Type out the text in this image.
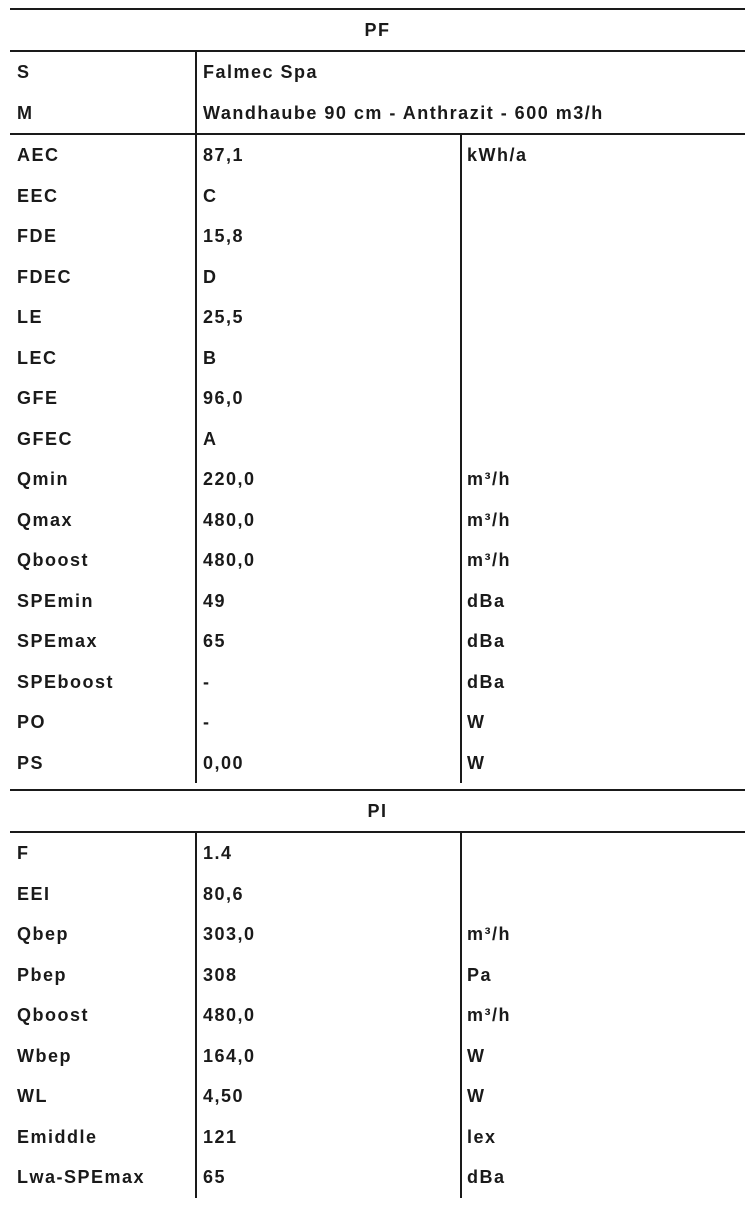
PF
S	Falmec Spa
M	Wandhaube 90 cm - Anthrazit - 600 m3/h
AEC	87,1	kWh/a
EEC	C
FDE	15,8
FDEC	D
LE	25,5
LEC	B
GFE	96,0
GFEC	A
Qmin	220,0	m³/h
Qmax	480,0	m³/h
Qboost	480,0	m³/h
SPEmin	49	dBa
SPEmax	65	dBa
SPEboost	-	dBa
PO	-	W
PS	0,00	W
PI
F	1.4
EEI	80,6
Qbep	303,0	m³/h
Pbep	308	Pa
Qboost	480,0	m³/h
Wbep	164,0	W
WL	4,50	W
Emiddle	121	lex
Lwa-SPEmax	65	dBa
